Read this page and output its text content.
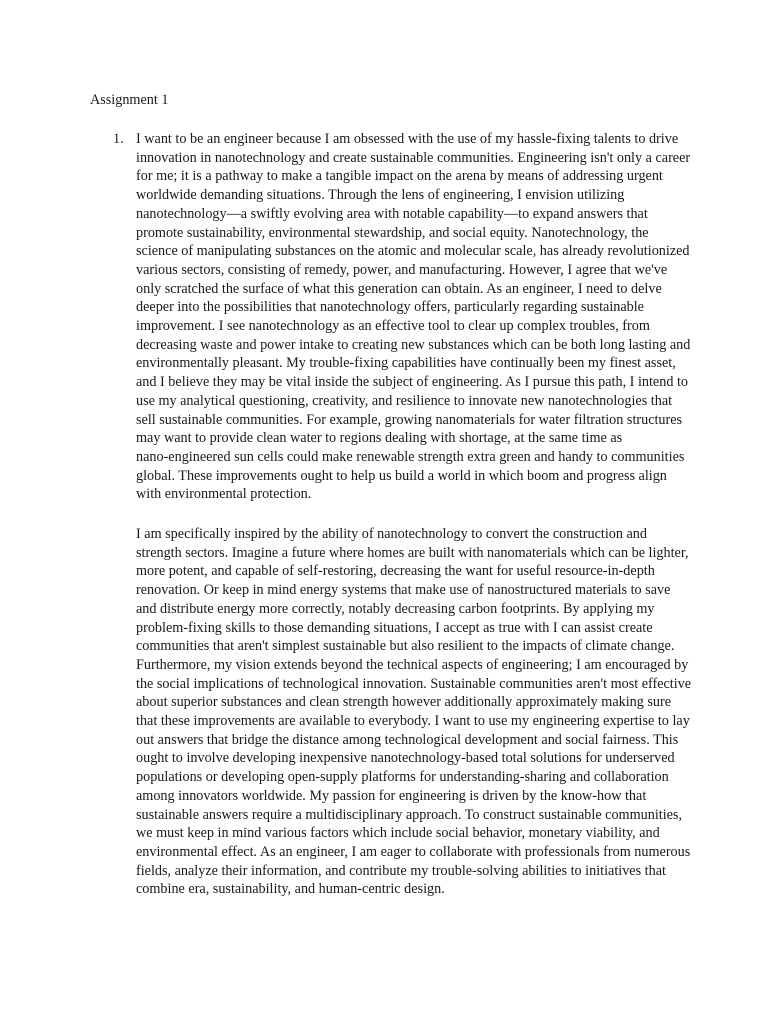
Assignment 1
1. I want to be an engineer because I am obsessed with the use of my hassle-fixing talents to drive
innovation in nanotechnology and create sustainable communities. Engineering isn't only a career
for me; it is a pathway to make a tangible impact on the arena by means of addressing urgent
worldwide demanding situations. Through the lens of engineering, I envision utilizing
nanotechnology—a swiftly evolving area with notable capability—to expand answers that
promote sustainability, environmental stewardship, and social equity. Nanotechnology, the
science of manipulating substances on the atomic and molecular scale, has already revolutionized
various sectors, consisting of remedy, power, and manufacturing. However, I agree that we've
only scratched the surface of what this generation can obtain. As an engineer, I need to delve
deeper into the possibilities that nanotechnology offers, particularly regarding sustainable
improvement. I see nanotechnology as an effective tool to clear up complex troubles, from
decreasing waste and power intake to creating new substances which can be both long lasting and
environmentally pleasant. My trouble-fixing capabilities have continually been my finest asset,
and I believe they may be vital inside the subject of engineering. As I pursue this path, I intend to
use my analytical questioning, creativity, and resilience to innovate new nanotechnologies that
sell sustainable communities. For example, growing nanomaterials for water filtration structures
may want to provide clean water to regions dealing with shortage, at the same time as
nano-engineered sun cells could make renewable strength extra green and handy to communities
global. These improvements ought to help us build a world in which boom and progress align
with environmental protection.

I am specifically inspired by the ability of nanotechnology to convert the construction and
strength sectors. Imagine a future where homes are built with nanomaterials which can be lighter,
more potent, and capable of self-restoring, decreasing the want for useful resource-in-depth
renovation. Or keep in mind energy systems that make use of nanostructured materials to save
and distribute energy more correctly, notably decreasing carbon footprints. By applying my
problem-fixing skills to those demanding situations, I accept as true with I can assist create
communities that aren't simplest sustainable but also resilient to the impacts of climate change.
Furthermore, my vision extends beyond the technical aspects of engineering; I am encouraged by
the social implications of technological innovation. Sustainable communities aren't most effective
about superior substances and clean strength however additionally approximately making sure
that these improvements are available to everybody. I want to use my engineering expertise to lay
out answers that bridge the distance among technological development and social fairness. This
ought to involve developing inexpensive nanotechnology-based total solutions for underserved
populations or developing open-supply platforms for understanding-sharing and collaboration
among innovators worldwide. My passion for engineering is driven by the know-how that
sustainable answers require a multidisciplinary approach. To construct sustainable communities,
we must keep in mind various factors which include social behavior, monetary viability, and
environmental effect. As an engineer, I am eager to collaborate with professionals from numerous
fields, analyze their information, and contribute my trouble-solving abilities to initiatives that
combine era, sustainability, and human-centric design.
